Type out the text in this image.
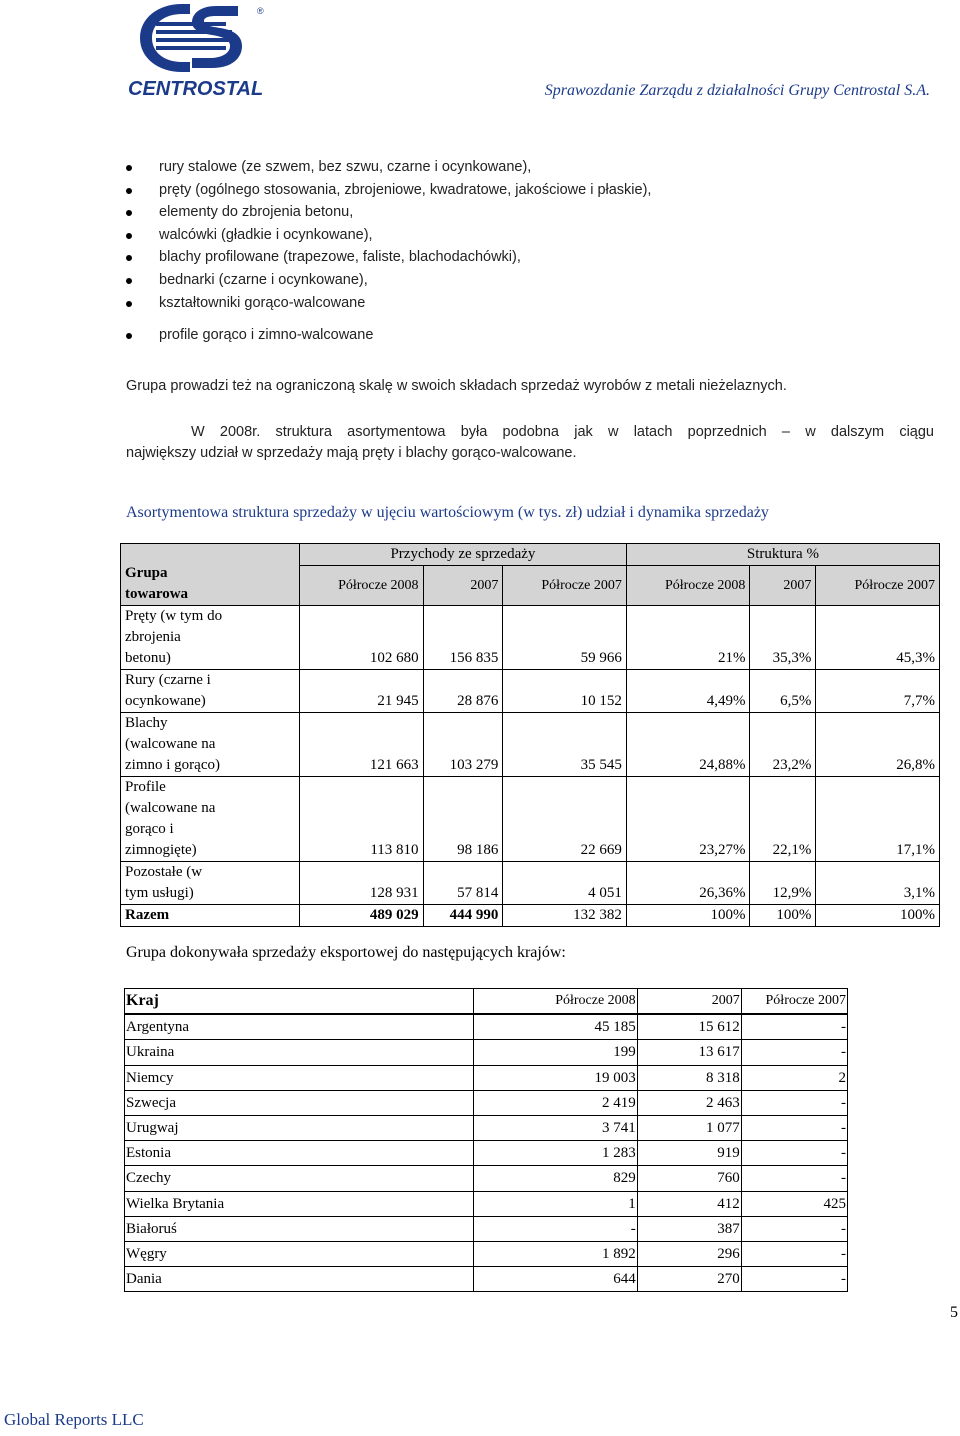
®
CENTROSTAL	Sprawozdanie Zarządu z działalności Grupy Centrostal S.A.
rury stalowe (ze szwem, bez szwu, czarne i ocynkowane),
pręty (ogólnego stosowania, zbrojeniowe, kwadratowe, jakościowe i płaskie),
elementy do zbrojenia betonu,
walcówki (gładkie i ocynkowane),
blachy profilowane (trapezowe, faliste, blachodachówki),
bednarki (czarne i ocynkowane),
kształtowniki gorąco-walcowane
profile gorąco i zimno-walcowane
Grupa prowadzi też na ograniczoną skalę w swoich składach sprzedaż wyrobów z metali nieżelaznych.
W 2008r. struktura asortymentowa była podobna jak w latach poprzednich – w dalszym ciągu
największy udział w sprzedaży mają pręty i blachy gorąco-walcowane.
Asortymentowa struktura sprzedaży w ujęciu wartościowym (w tys. zł) udział i dynamika sprzedaży
Grupa
towarowa	Przychody ze sprzedaży			Struktura %		
	Półrocze 2008	2007	Półrocze 2007	Półrocze 2008	2007	Półrocze 2007
Pręty (w tym do
zbrojenia
betonu)	102 680	156 835	59 966	21%	35,3%	45,3%
Rury (czarne i
ocynkowane)	21 945	28 876	10 152	4,49%	6,5%	7,7%
Blachy
(walcowane na
zimno i gorąco)	121 663	103 279	35 545	24,88%	23,2%	26,8%
Profile
(walcowane na
gorąco i
zimnogięte)	113 810	98 186	22 669	23,27%	22,1%	17,1%
Pozostałe (w
tym usługi)	128 931	57 814	4 051	26,36%	12,9%	3,1%
Razem	489 029	444 990	132 382	100%	100%	100%
Grupa dokonywała sprzedaży eksportowej do następujących krajów:
Kraj	Półrocze 2008	2007	Półrocze 2007
Argentyna	45 185	15 612	-
Ukraina	199	13 617	-
Niemcy	19 003	8 318	2
Szwecja	2 419	2 463	-
Urugwaj	3 741	1 077	-
Estonia	1 283	919	-
Czechy	829	760	-
Wielka Brytania	1	412	425
Białoruś	-	387	-
Węgry	1 892	296	-
Dania	644	270	-
5
Global Reports LLC
